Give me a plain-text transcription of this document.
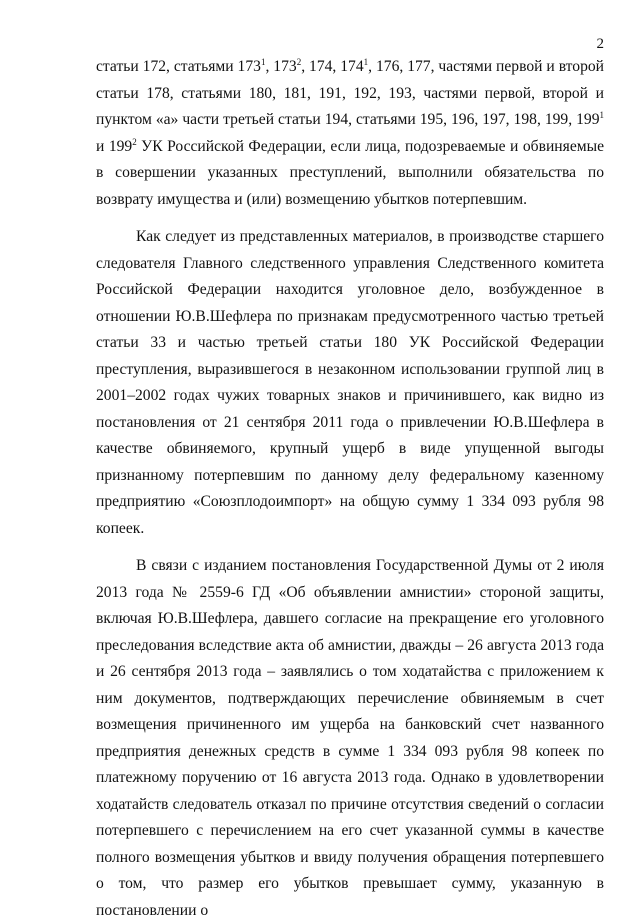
2

статьи 172, статьями $173^1$, $173^2$, 174, $174^1$, 176, 177, частями первой и второй статьи 178, статьями 180, 181, 191, 192, 193, частями первой, второй и пунктом «а» части третьей статьи 194, статьями 195, 196, 197, 198, 199, $199^1$ и $199^2$ УК Российской Федерации, если лица, подозреваемые и обвиняемые в совершении указанных преступлений, выполнили обязательства по возврату имущества и (или) возмещению убытков потерпевшим.

Как следует из представленных материалов, в производстве старшего следователя Главного следственного управления Следственного комитета Российской Федерации находится уголовное дело, возбужденное в отношении Ю.В.Шефлера по признакам предусмотренного частью третьей статьи 33 и частью третьей статьи 180 УК Российской Федерации преступления, выразившегося в незаконном использовании группой лиц в 2001–2002 годах чужих товарных знаков и причинившего, как видно из постановления от 21 сентября 2011 года о привлечении Ю.В.Шефлера в качестве обвиняемого, крупный ущерб в виде упущенной выгоды признанному потерпевшим по данному делу федеральному казенному предприятию «Союзплодоимпорт» на общую сумму 1 334 093 рубля 98 копеек.

В связи с изданием постановления Государственной Думы от 2 июля 2013 года № 2559-6 ГД «Об объявлении амнистии» стороной защиты, включая Ю.В.Шефлера, давшего согласие на прекращение его уголовного преследования вследствие акта об амнистии, дважды – 26 августа 2013 года и 26 сентября 2013 года – заявлялись о том ходатайства с приложением к ним документов, подтверждающих перечисление обвиняемым в счет возмещения причиненного им ущерба на банковский счет названного предприятия денежных средств в сумме 1 334 093 рубля 98 копеек по платежному поручению от 16 августа 2013 года. Однако в удовлетворении ходатайств следователь отказал по причине отсутствия сведений о согласии потерпевшего с перечислением на его счет указанной суммы в качестве полного возмещения убытков и ввиду получения обращения потерпевшего о том, что размер его убытков превышает сумму, указанную в постановлении о
